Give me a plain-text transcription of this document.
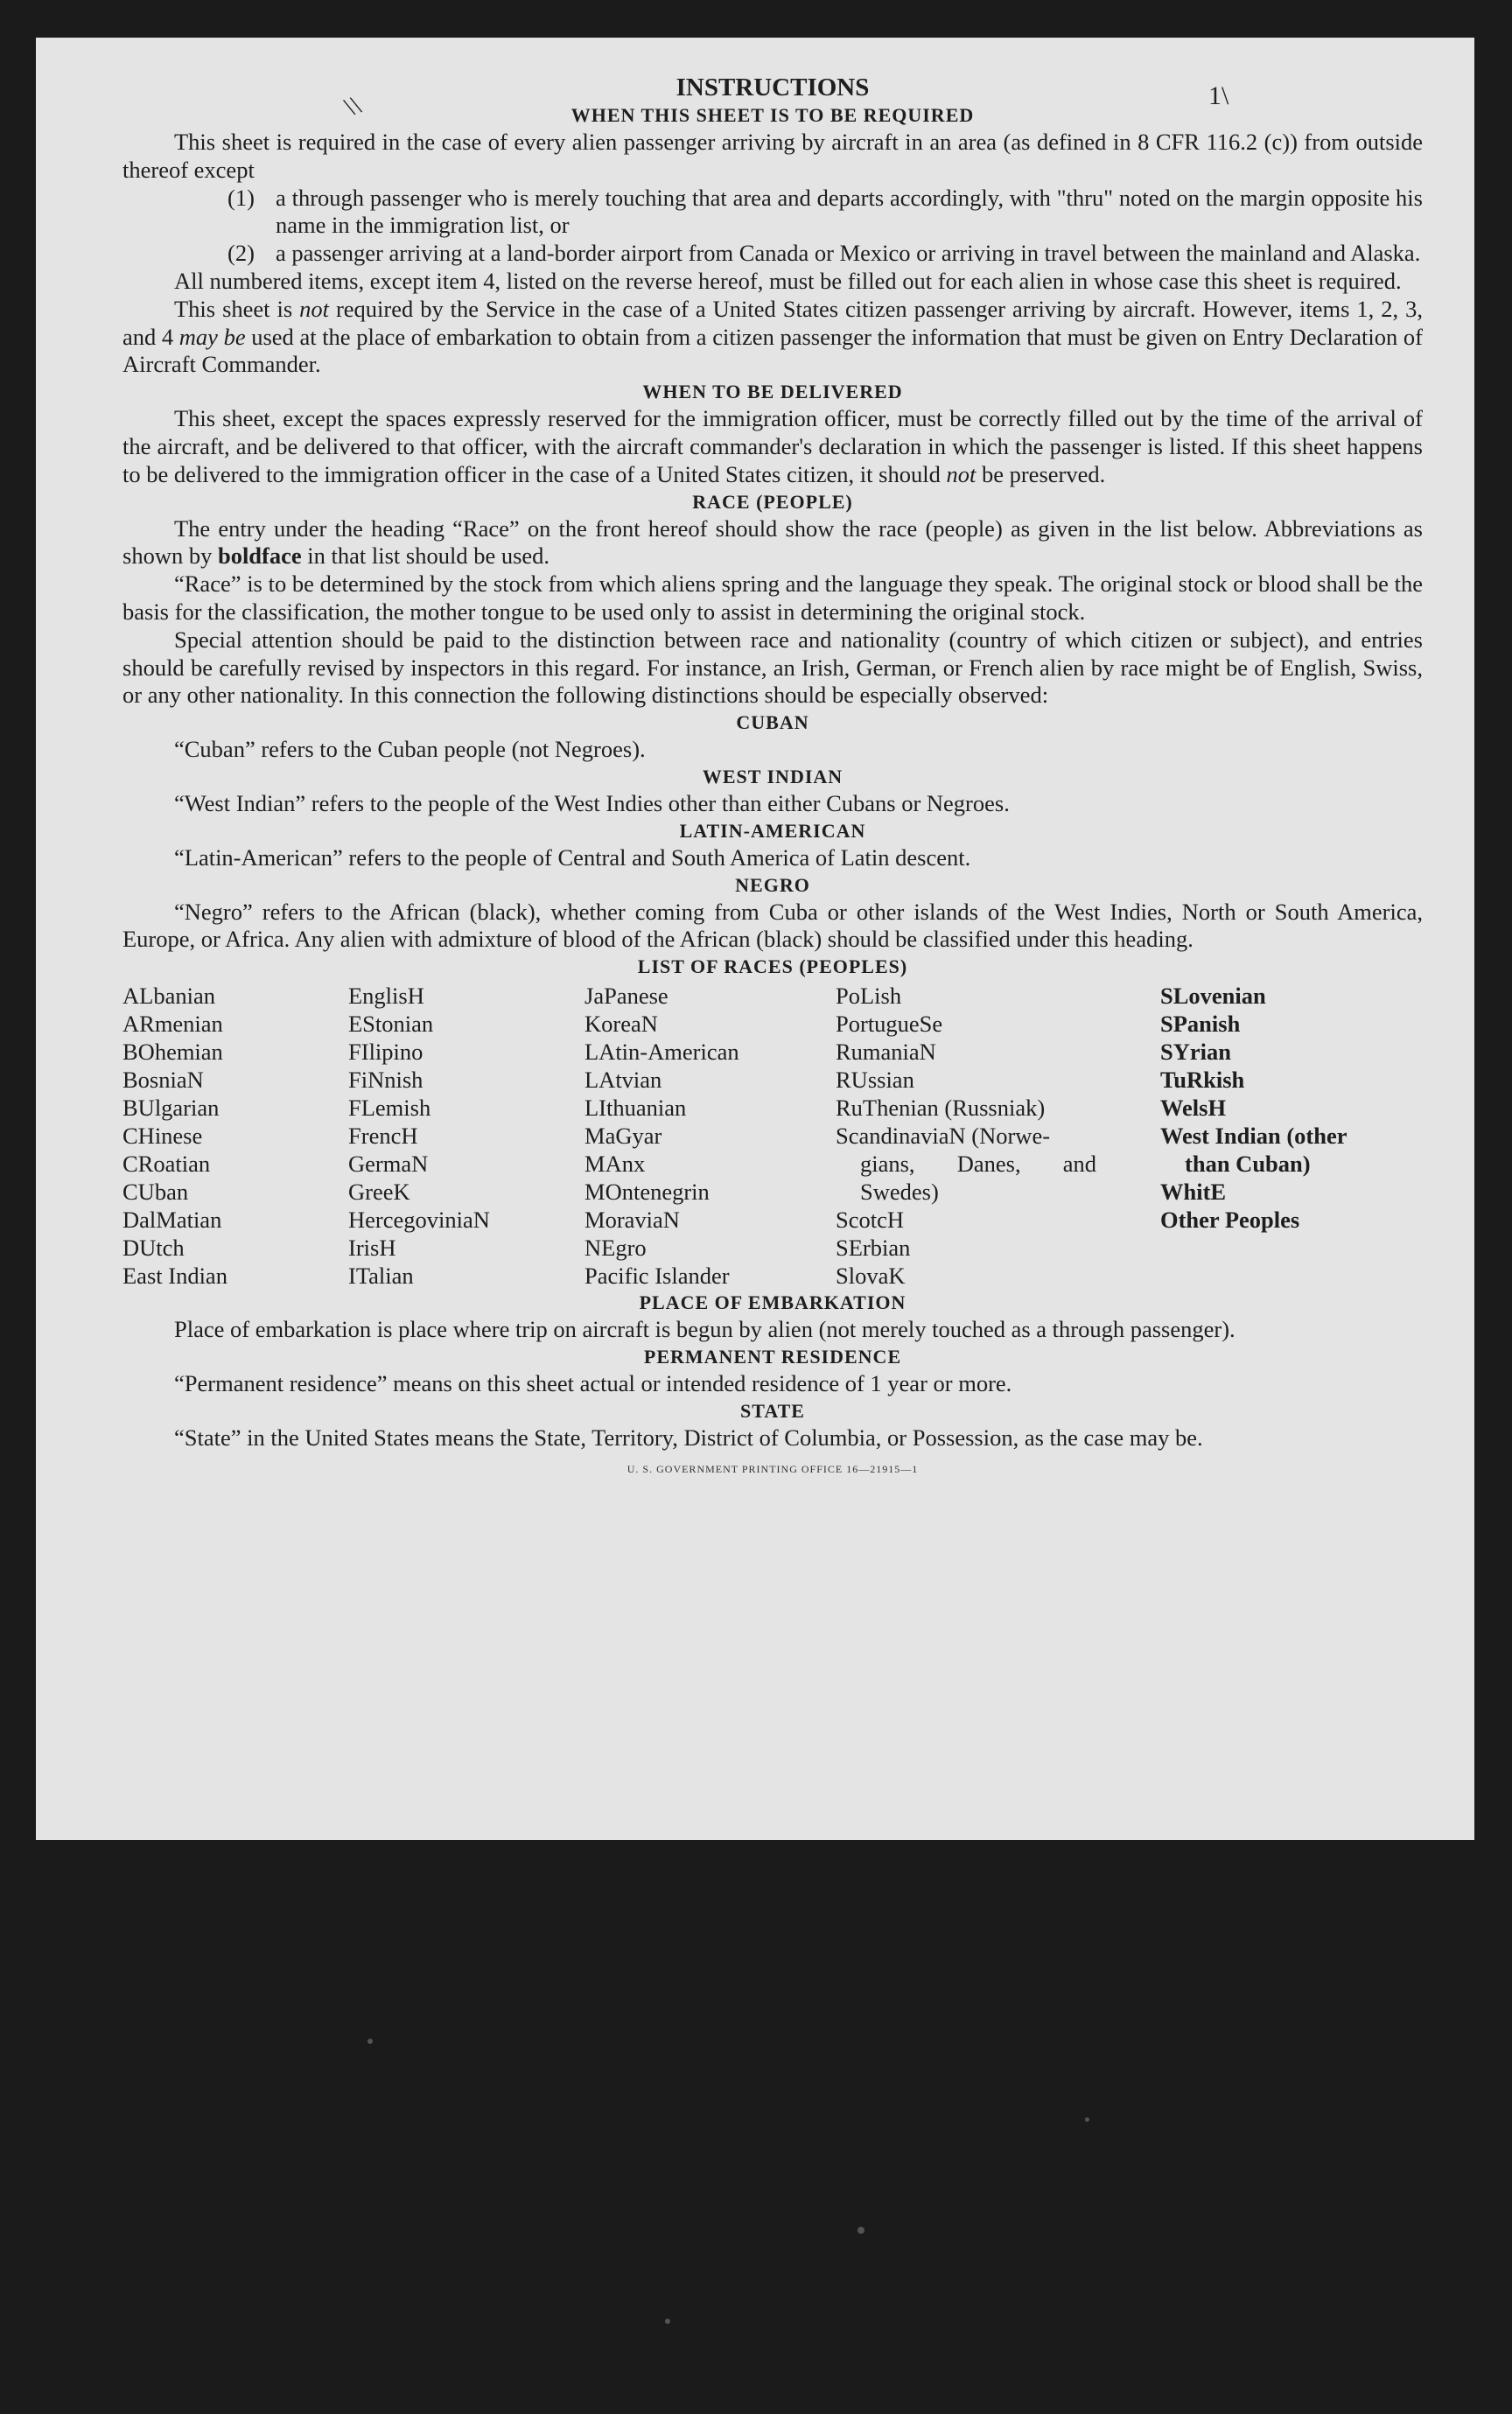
\\	1\
INSTRUCTIONS
WHEN THIS SHEET IS TO BE REQUIRED
This sheet is required in the case of every alien passenger arriving by aircraft in an area (as defined in 8 CFR 116.2 (c)) from outside thereof except
(1) a through passenger who is merely touching that area and departs accordingly, with "thru" noted on the margin opposite his name in the immigration list, or
(2) a passenger arriving at a land-border airport from Canada or Mexico or arriving in travel between the mainland and Alaska.
All numbered items, except item 4, listed on the reverse hereof, must be filled out for each alien in whose case this sheet is required.
This sheet is not required by the Service in the case of a United States citizen passenger arriving by aircraft. However, items 1, 2, 3, and 4 may be used at the place of embarkation to obtain from a citizen passenger the information that must be given on Entry Declaration of Aircraft Commander.
WHEN TO BE DELIVERED
This sheet, except the spaces expressly reserved for the immigration officer, must be correctly filled out by the time of the arrival of the aircraft, and be delivered to that officer, with the aircraft commander's declaration in which the passenger is listed. If this sheet happens to be delivered to the immigration officer in the case of a United States citizen, it should not be preserved.
RACE (PEOPLE)
The entry under the heading “Race” on the front hereof should show the race (people) as given in the list below. Abbreviations as shown by boldface in that list should be used.
“Race” is to be determined by the stock from which aliens spring and the language they speak. The original stock or blood shall be the basis for the classification, the mother tongue to be used only to assist in determining the original stock.
Special attention should be paid to the distinction between race and nationality (country of which citizen or subject), and entries should be carefully revised by inspectors in this regard. For instance, an Irish, German, or French alien by race might be of English, Swiss, or any other nationality. In this connection the following distinctions should be especially observed:
CUBAN
“Cuban” refers to the Cuban people (not Negroes).
WEST INDIAN
“West Indian” refers to the people of the West Indies other than either Cubans or Negroes.
LATIN-AMERICAN
“Latin-American” refers to the people of Central and South America of Latin descent.
NEGRO
“Negro” refers to the African (black), whether coming from Cuba or other islands of the West Indies, North or South America, Europe, or Africa. Any alien with admixture of blood of the African (black) should be classified under this heading.
LIST OF RACES (PEOPLES)
ALbanian
ARmenian
BOhemian
BosniaN
BUlgarian
CHinese
CRoatian
CUban
DalMatian
DUtch
East Indian
EnglisH
EStonian
FIlipino
FiNnish
FLemish
FrencH
GermaN
GreeK
HercegoviniaN
IrisH
ITalian
JaPanese
KoreaN
LAtin-American
LAtvian
LIthuanian
MaGyar
MAnx
MOntenegrin
MoraviaN
NEgro
Pacific Islander
PoLish
PortugueSe
RumaniaN
RUssian
RuThenian (Russniak)
ScandinaviaN (Norwe-
gians, Danes, and
Swedes)
ScotcH
SErbian
SlovaK
SLovenian
SPanish
SYrian
TuRkish
WelsH
West Indian (other
than Cuban)
WhitE
Other Peoples
PLACE OF EMBARKATION
Place of embarkation is place where trip on aircraft is begun by alien (not merely touched as a through passenger).
PERMANENT RESIDENCE
“Permanent residence” means on this sheet actual or intended residence of 1 year or more.
STATE
“State” in the United States means the State, Territory, District of Columbia, or Possession, as the case may be.
U. S. GOVERNMENT PRINTING OFFICE 16—21915—1
